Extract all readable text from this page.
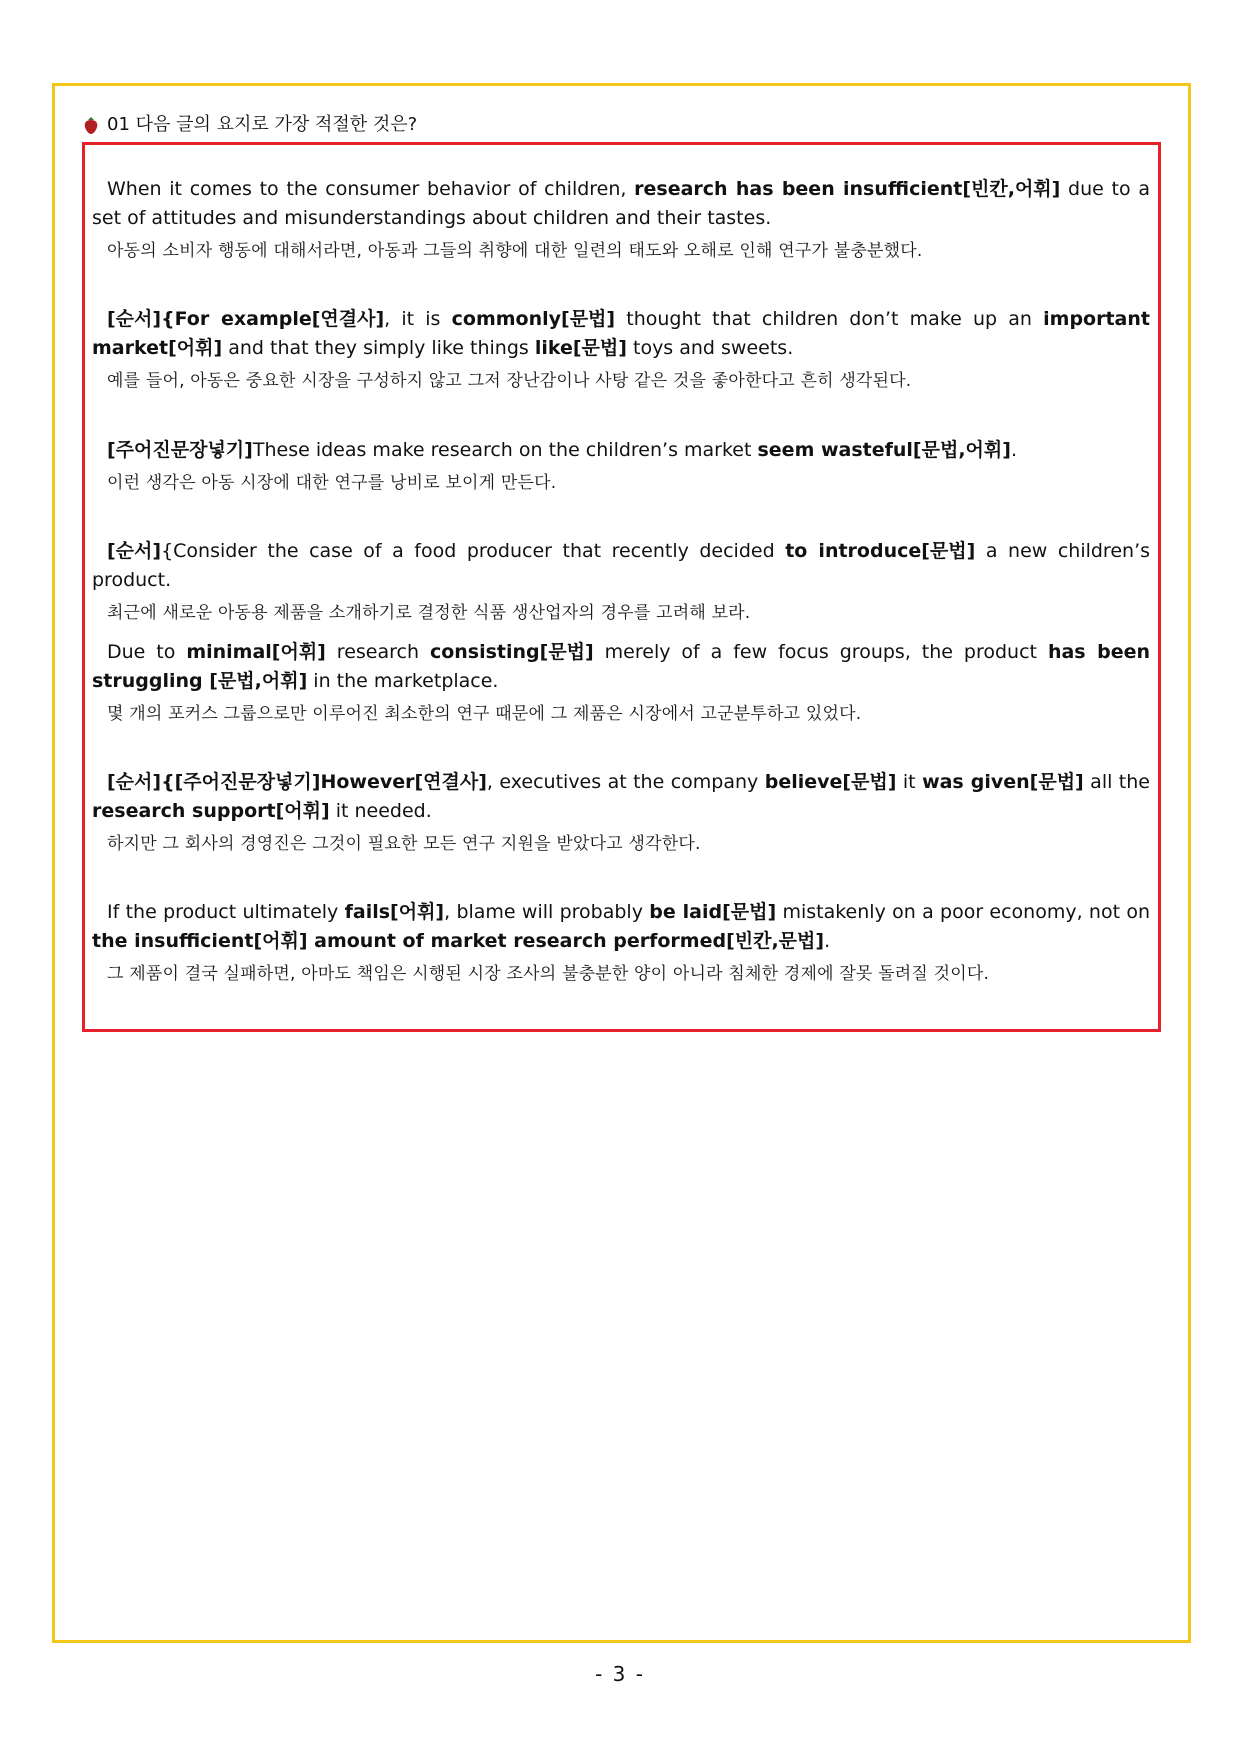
01 다음 글의 요지로 가장 적절한 것은?

When it comes to the consumer behavior of children, research has been insufficient[빈칸,어휘] due to a set of attitudes and misunderstandings about children and their tastes.

아동의 소비자 행동에 대해서라면, 아동과 그들의 취향에 대한 일련의 태도와 오해로 인해 연구가 불충분했다.

[순서]{For example[연결사], it is commonly[문법] thought that children don’t make up an important market[어휘] and that they simply like things like[문법] toys and sweets.

예를 들어, 아동은 중요한 시장을 구성하지 않고 그저 장난감이나 사탕 같은 것을 좋아한다고 흔히 생각된다.

[주어진문장넣기]These ideas make research on the children’s market seem wasteful[문법,어휘].

이런 생각은 아동 시장에 대한 연구를 낭비로 보이게 만든다.

[순서]{Consider the case of a food producer that recently decided to introduce[문법] a new children’s product.

최근에 새로운 아동용 제품을 소개하기로 결정한 식품 생산업자의 경우를 고려해 보라.

Due to minimal[어휘] research consisting[문법] merely of a few focus groups, the product has been struggling [문법,어휘] in the marketplace.

몇 개의 포커스 그룹으로만 이루어진 최소한의 연구 때문에 그 제품은 시장에서 고군분투하고 있었다.

[순서]{[주어진문장넣기]However[연결사], executives at the company believe[문법] it was given[문법] all the research support[어휘] it needed.

하지만 그 회사의 경영진은 그것이 필요한 모든 연구 지원을 받았다고 생각한다.

If the product ultimately fails[어휘], blame will probably be laid[문법] mistakenly on a poor economy, not on the insufficient[어휘] amount of market research performed[빈칸,문법].

그 제품이 결국 실패하면, 아마도 책임은 시행된 시장 조사의 불충분한 양이 아니라 침체한 경제에 잘못 돌려질 것이다.
- 3 -
